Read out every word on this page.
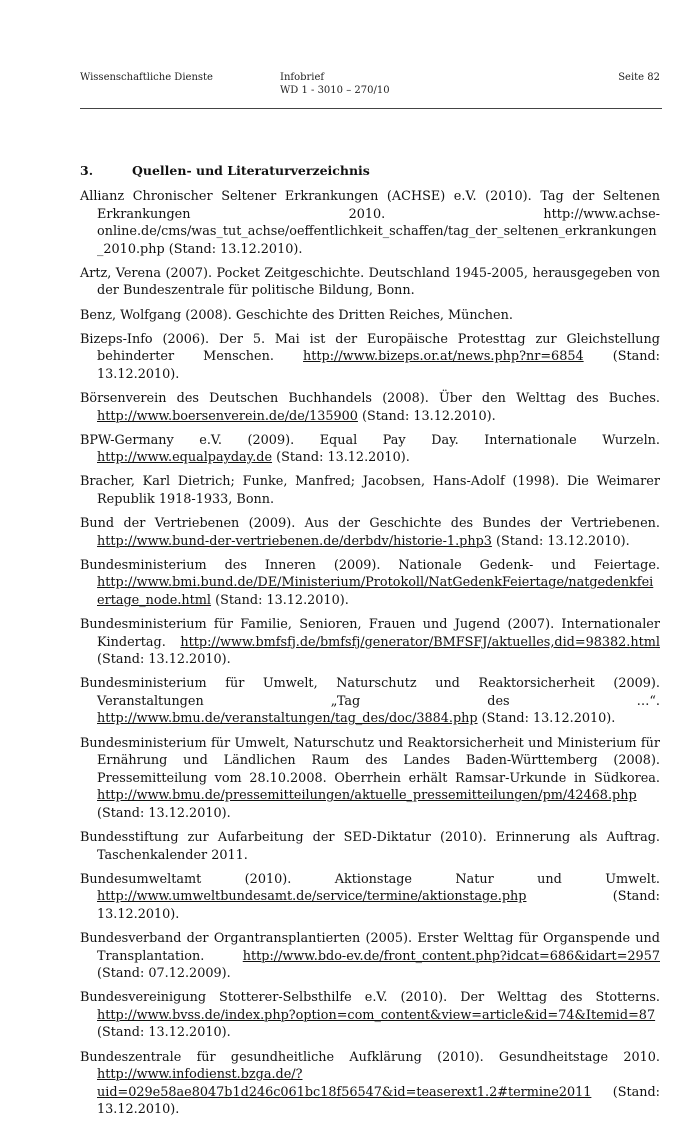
Wissenschaftliche Dienste	Infobrief
WD 1 - 3010 – 270/10
Seite 82
3.	Quellen- und Literaturverzeichnis

Allianz Chronischer Seltener Erkrankungen (ACHSE) e.V. (2010). Tag der Seltenen Erkrankungen 2010. http://www.achse-online.de/cms/was_tut_achse/oeffentlichkeit_schaffen/tag_der_seltenen_erkrankungen_2010.php (Stand: 13.12.2010).

Artz, Verena (2007). Pocket Zeitgeschichte. Deutschland 1945-2005, herausgegeben von der Bundeszentrale für politische Bildung, Bonn.

Benz, Wolfgang (2008). Geschichte des Dritten Reiches, München.

Bizeps-Info (2006). Der 5. Mai ist der Europäische Protesttag zur Gleichstellung behinderter Menschen. http://www.bizeps.or.at/news.php?nr=6854 (Stand: 13.12.2010).

Börsenverein des Deutschen Buchhandels (2008). Über den Welttag des Buches. http://www.boersenverein.de/de/135900 (Stand: 13.12.2010).

BPW-Germany e.V. (2009). Equal Pay Day. Internationale Wurzeln. http://www.equalpayday.de (Stand: 13.12.2010).

Bracher, Karl Dietrich; Funke, Manfred; Jacobsen, Hans-Adolf (1998). Die Weimarer Republik 1918-1933, Bonn.

Bund der Vertriebenen (2009). Aus der Geschichte des Bundes der Vertriebenen. http://www.bund-der-vertriebenen.de/derbdv/historie-1.php3 (Stand: 13.12.2010).

Bundesministerium des Inneren (2009). Nationale Gedenk- und Feiertage. http://www.bmi.bund.de/DE/Ministerium/Protokoll/NatGedenkFeiertage/natgedenkfeiertage_node.html (Stand: 13.12.2010).

Bundesministerium für Familie, Senioren, Frauen und Jugend (2007). Internationaler Kindertag. http://www.bmfsfj.de/bmfsfj/generator/BMFSFJ/aktuelles,did=98382.html (Stand: 13.12.2010).

Bundesministerium für Umwelt, Naturschutz und Reaktorsicherheit (2009). Veranstaltungen „Tag des …“. http://www.bmu.de/veranstaltungen/tag_des/doc/3884.php (Stand: 13.12.2010).

Bundesministerium für Umwelt, Naturschutz und Reaktorsicherheit und Ministerium für Ernährung und Ländlichen Raum des Landes Baden-Württemberg (2008). Pressemitteilung vom 28.10.2008. Oberrhein erhält Ramsar-Urkunde in Südkorea. http://www.bmu.de/pressemitteilungen/aktuelle_pressemitteilungen/pm/42468.php (Stand: 13.12.2010).

Bundesstiftung zur Aufarbeitung der SED-Diktatur (2010). Erinnerung als Auftrag. Taschenkalender 2011.

Bundesumweltamt (2010). Aktionstage Natur und Umwelt. http://www.umweltbundesamt.de/service/termine/aktionstage.php (Stand: 13.12.2010).

Bundesverband der Organtransplantierten (2005). Erster Welttag für Organspende und Transplantation. http://www.bdo-ev.de/front_content.php?idcat=686&idart=2957 (Stand: 07.12.2009).

Bundesvereinigung Stotterer-Selbsthilfe e.V. (2010). Der Welttag des Stotterns. http://www.bvss.de/index.php?option=com_content&view=article&id=74&Itemid=87 (Stand: 13.12.2010).

Bundeszentrale für gesundheitliche Aufklärung (2010). Gesundheitstage 2010. http://www.infodienst.bzga.de/?uid=029e58ae8047b1d246c061bc18f56547&id=teaserext1.2#termine2011 (Stand: 13.12.2010).
